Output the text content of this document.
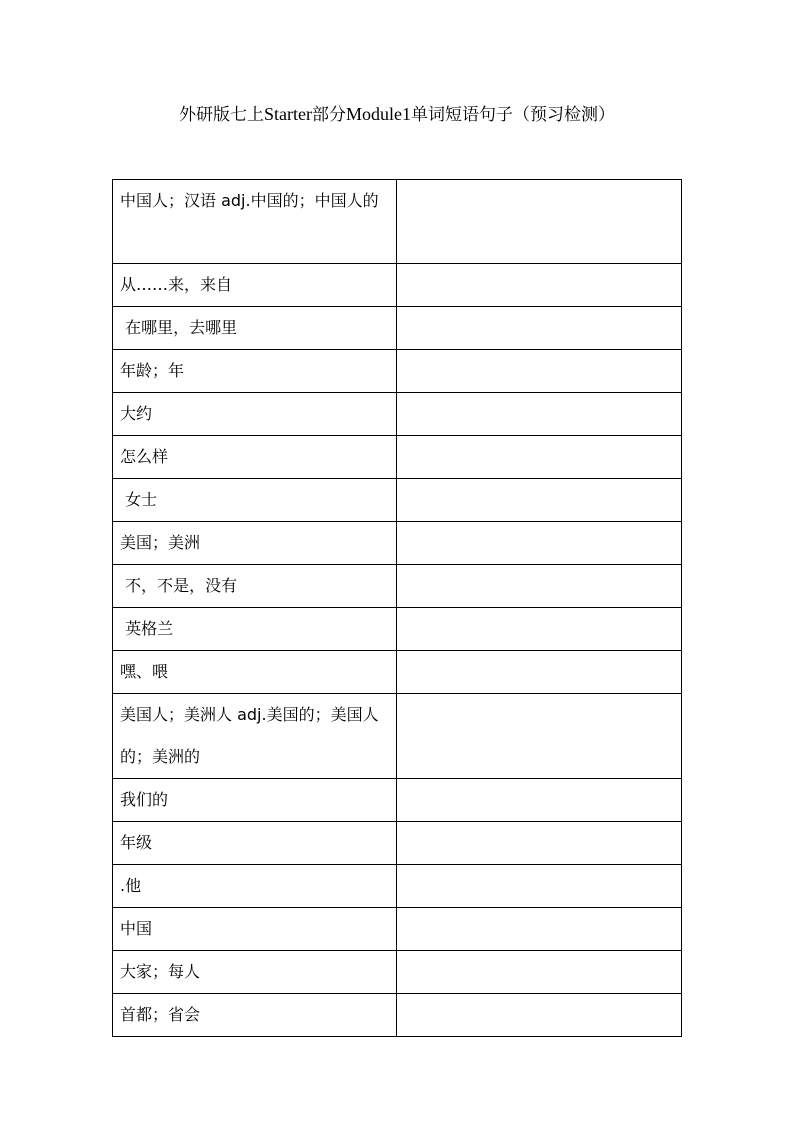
外研版七上Starter部分Module1单词短语句子（预习检测）
中国人；汉语 adj.中国的；中国人的	

从……来，来自	

在哪里，去哪里	

年龄；年	

大约	

怎么样	

女士	

美国；美洲	

不，不是，没有	

英格兰	

嘿、喂	

美国人；美洲人 adj.美国的；美国人的；美洲的	

我们的	

年级	

.他	

中国	

大家；每人	

首都；省会	
